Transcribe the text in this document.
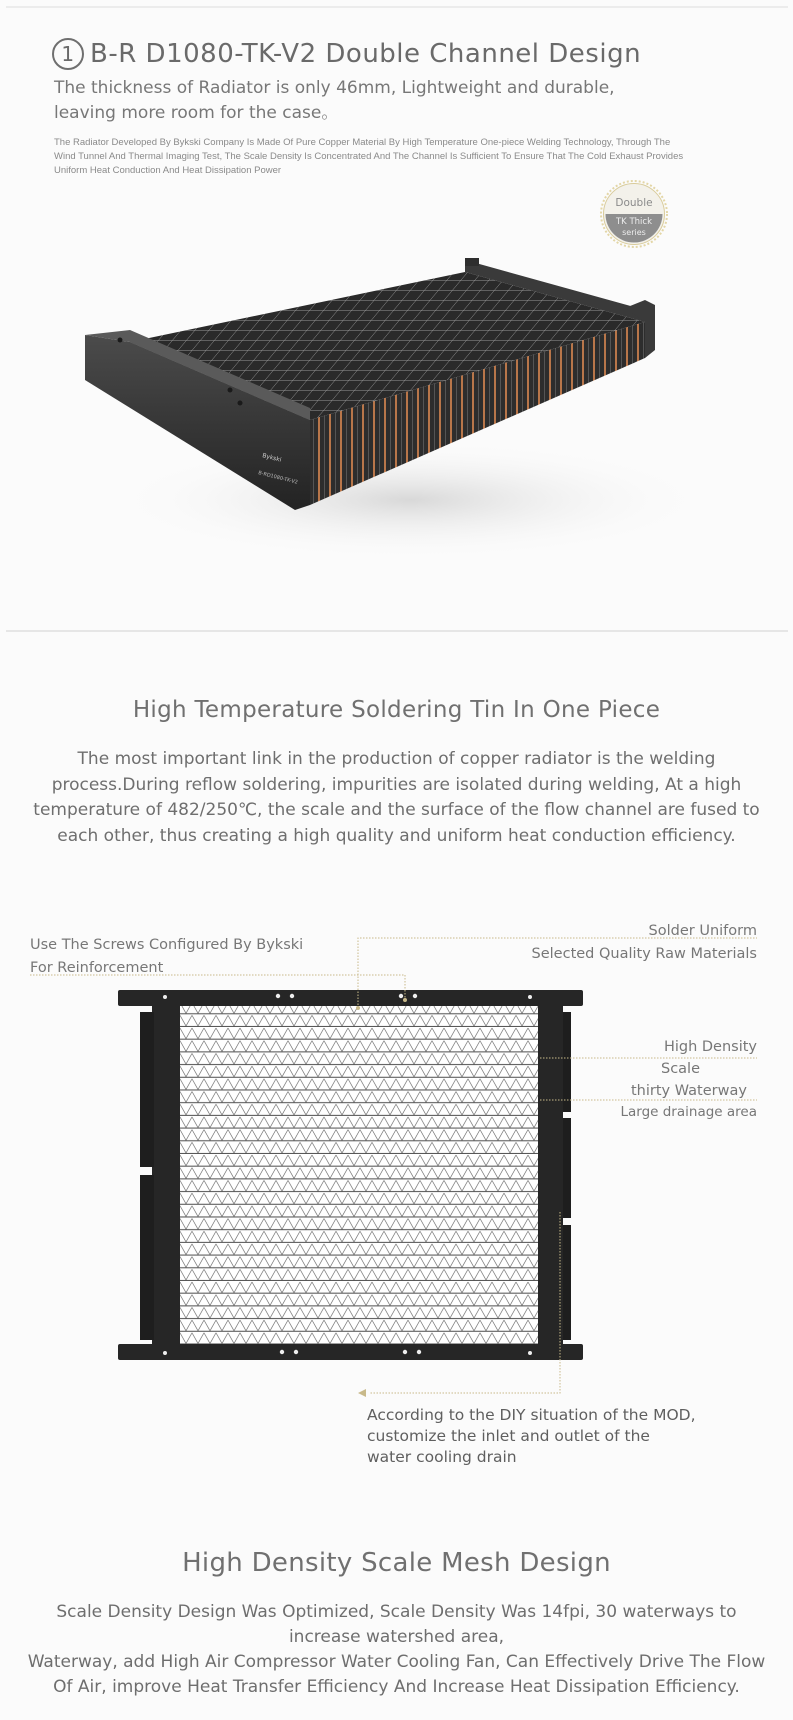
1 B-R D1080-TK-V2 Double Channel Design
The thickness of Radiator is only 46mm, Lightweight and durable,
leaving more room for the case。
The Radiator Developed By Bykski Company Is Made Of Pure Copper Material By High Temperature One-piece Welding Technology, Through The Wind Tunnel And Thermal Imaging Test, The Scale Density Is Concentrated And The Channel Is Sufficient To Ensure That The Cold Exhaust Provides Uniform Heat Conduction And Heat Dissipation Power
Double
TK Thick
series
Bykski
B-RD1080-TK-V2
High Temperature Soldering Tin In One Piece
The most important link in the production of copper radiator is the welding process.During reflow soldering, impurities are isolated during welding, At a high temperature of 482/250℃, the scale and the surface of the flow channel are fused to each other, thus creating a high quality and uniform heat conduction efficiency.
Use The Screws Configured By Bykski
For Reinforcement
Solder Uniform
Selected Quality Raw Materials
High Density
Scale
thirty Waterway
Large drainage area
According to the DIY situation of the MOD,
customize the inlet and outlet of the
water cooling drain
High Density Scale Mesh Design
Scale Density Design Was Optimized, Scale Density Was 14fpi, 30 waterways to increase watershed area,
Waterway, add High Air Compressor Water Cooling Fan, Can Effectively Drive The Flow Of Air, improve Heat Transfer Efficiency And Increase Heat Dissipation Efficiency.
